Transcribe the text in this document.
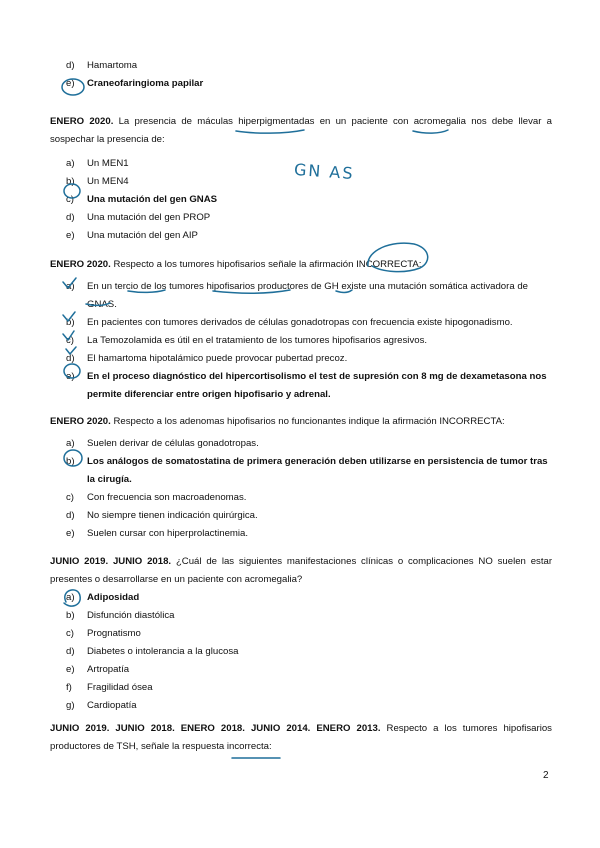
d)	Hamartoma
e)	Craneofaringioma papilar
ENERO 2020. La presencia de máculas hiperpigmentadas en un paciente con acromegalia nos debe llevar a sospechar la presencia de:
a)	Un MEN1
b)	Un MEN4
c)	Una mutación del gen GNAS
d)	Una mutación del gen PROP
e)	Una mutación del gen AIP
ENERO 2020. Respecto a los tumores hipofisarios señale la afirmación INCORRECTA:
a)	En un tercio de los tumores hipofisarios productores de GH existe una mutación somática activadora de GNAS.
b)	En pacientes con tumores derivados de células gonadotropas con frecuencia existe hipogonadismo.
c)	La Temozolamida es útil en el tratamiento de los tumores hipofisarios agresivos.
d)	El hamartoma hipotalámico puede provocar pubertad precoz.
e)	En el proceso diagnóstico del hipercortisolismo el test de supresión con 8 mg de dexametasona nos permite diferenciar entre origen hipofisario y adrenal.
ENERO 2020. Respecto a los adenomas hipofisarios no funcionantes indique la afirmación INCORRECTA:
a)	Suelen derivar de células gonadotropas.
b)	Los análogos de somatostatina de primera generación deben utilizarse en persistencia de tumor tras la cirugía.
c)	Con frecuencia son macroadenomas.
d)	No siempre tienen indicación quirúrgica.
e)	Suelen cursar con hiperprolactinemia.
JUNIO 2019. JUNIO 2018. ¿Cuál de las siguientes manifestaciones clínicas o complicaciones NO suelen estar presentes o desarrollarse en un paciente con acromegalia?
a)	Adiposidad
b)	Disfunción diastólica
c)	Prognatismo
d)	Diabetes o intolerancia a la glucosa
e)	Artropatía
f)	Fragilidad ósea
g)	Cardiopatía
JUNIO 2019. JUNIO 2018. ENERO 2018. JUNIO 2014. ENERO 2013. Respecto a los tumores hipofisarios productores de TSH, señale la respuesta incorrecta:
2
GN AS
